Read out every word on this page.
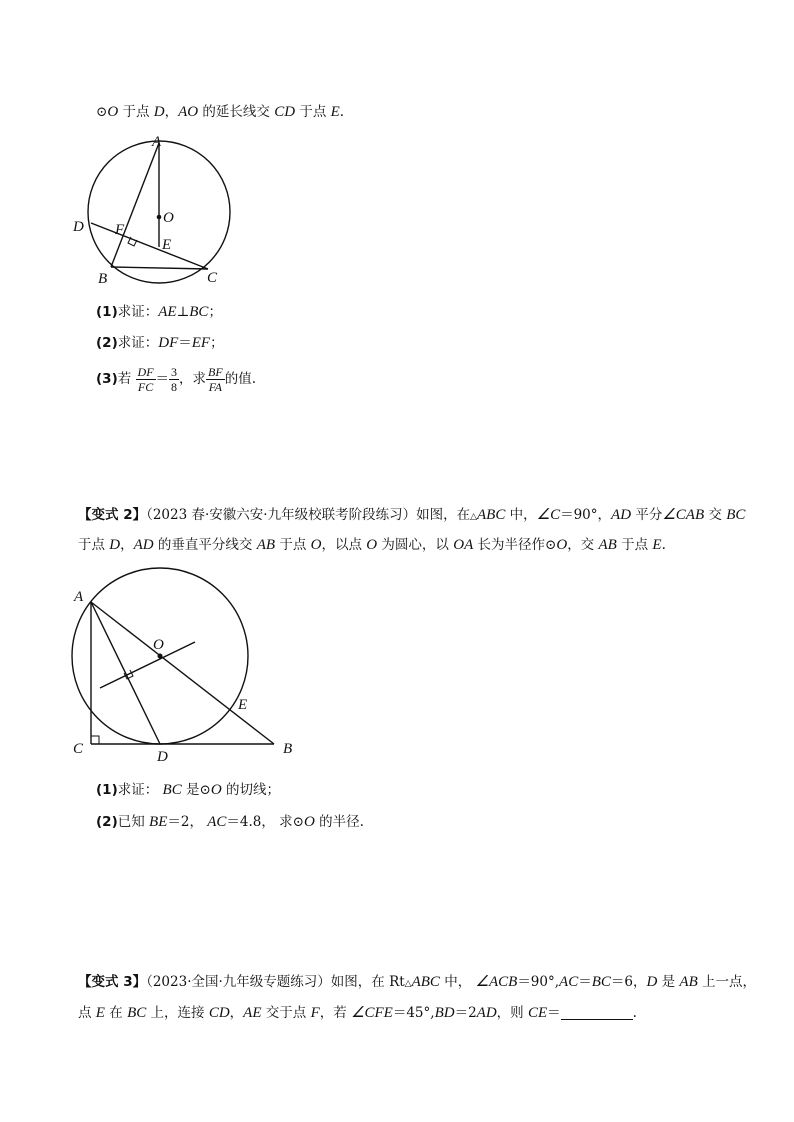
⊙O 于点 D，AO 的延长线交 CD 于点 E.
A
O
D F
E
B	C
A
O
E
C	D	B
(1)求证：AE⊥BC；
(2)求证：DF＝EF；
(3)若 $\frac{DF}{FC} = \frac{3}{8}$ ，求 $\frac{BF}{FA}$ 的值.
【变式 2】（2023 春·安徽六安·九年级校联考阶段练习）如图，在△ABC 中，∠C＝90°，AD 平分∠CAB 交 BC
于点 D，AD 的垂直平分线交 AB 于点 O，以点 O 为圆心，以 OA 长为半径作⊙O，交 AB 于点 E.
(1)求证： BC 是⊙O 的切线；
(2)已知 BE＝2， AC＝4.8， 求⊙O 的半径.
【变式 3】（2023·全国·九年级专题练习）如图，在 Rt△ABC 中， ∠ACB＝90°,AC＝BC＝6，D 是 AB 上一点，
点 E 在 BC 上，连接 CD，AE 交于点 F，若 ∠CFE＝45°,BD＝2AD，则 CE＝	.
